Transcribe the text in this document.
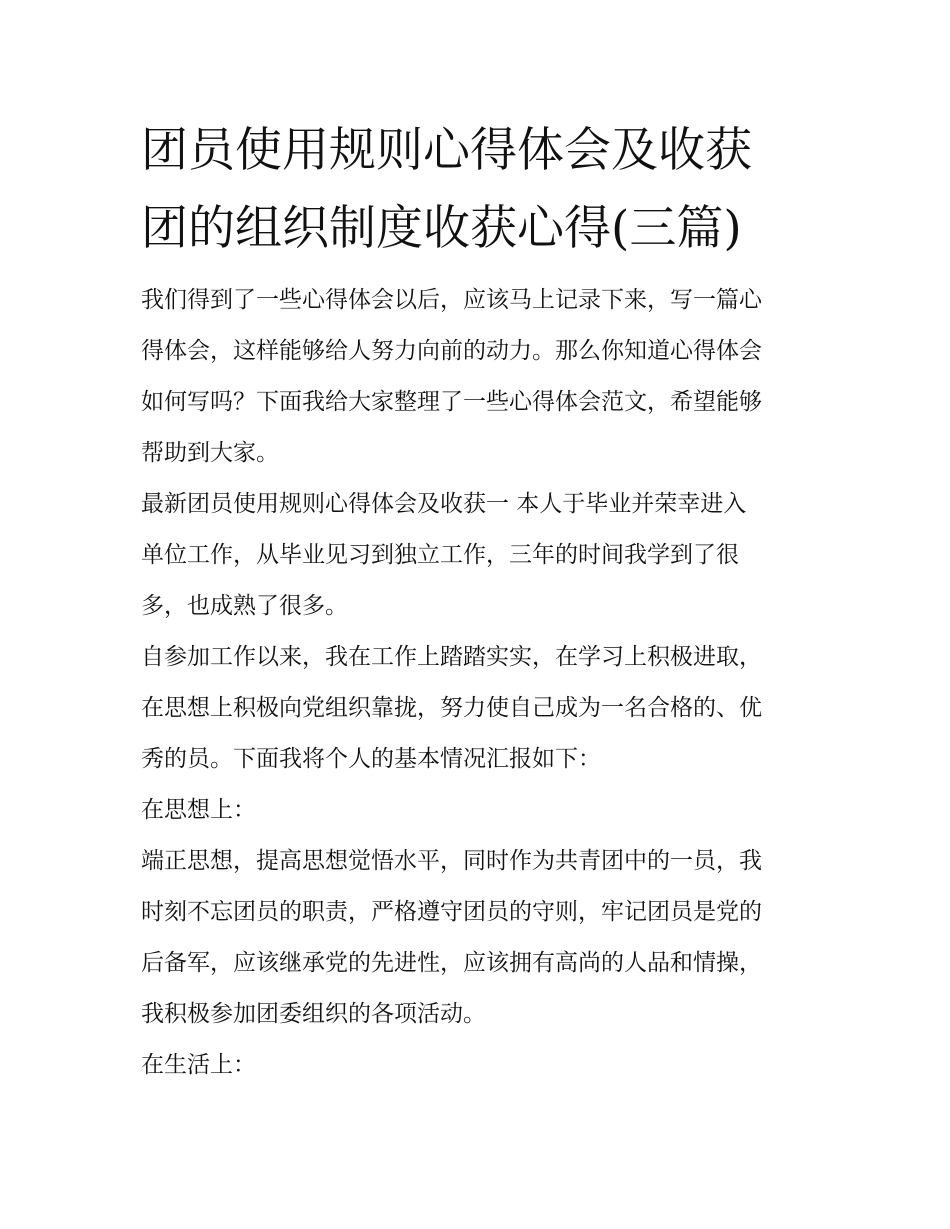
团员使用规则心得体会及收获
团的组织制度收获心得(三篇)

我们得到了一些心得体会以后，应该马上记录下来，写一篇心
得体会，这样能够给人努力向前的动力。那么你知道心得体会
如何写吗？下面我给大家整理了一些心得体会范文，希望能够
帮助到大家。

最新团员使用规则心得体会及收获一 本人于毕业并荣幸进入
单位工作，从毕业见习到独立工作，三年的时间我学到了很
多，也成熟了很多。

自参加工作以来，我在工作上踏踏实实，在学习上积极进取，
在思想上积极向党组织靠拢，努力使自己成为一名合格的、优
秀的员。下面我将个人的基本情况汇报如下：

在思想上：

端正思想，提高思想觉悟水平，同时作为共青团中的一员，我
时刻不忘团员的职责，严格遵守团员的守则，牢记团员是党的
后备军，应该继承党的先进性，应该拥有高尚的人品和情操，
我积极参加团委组织的各项活动。

在生活上：
